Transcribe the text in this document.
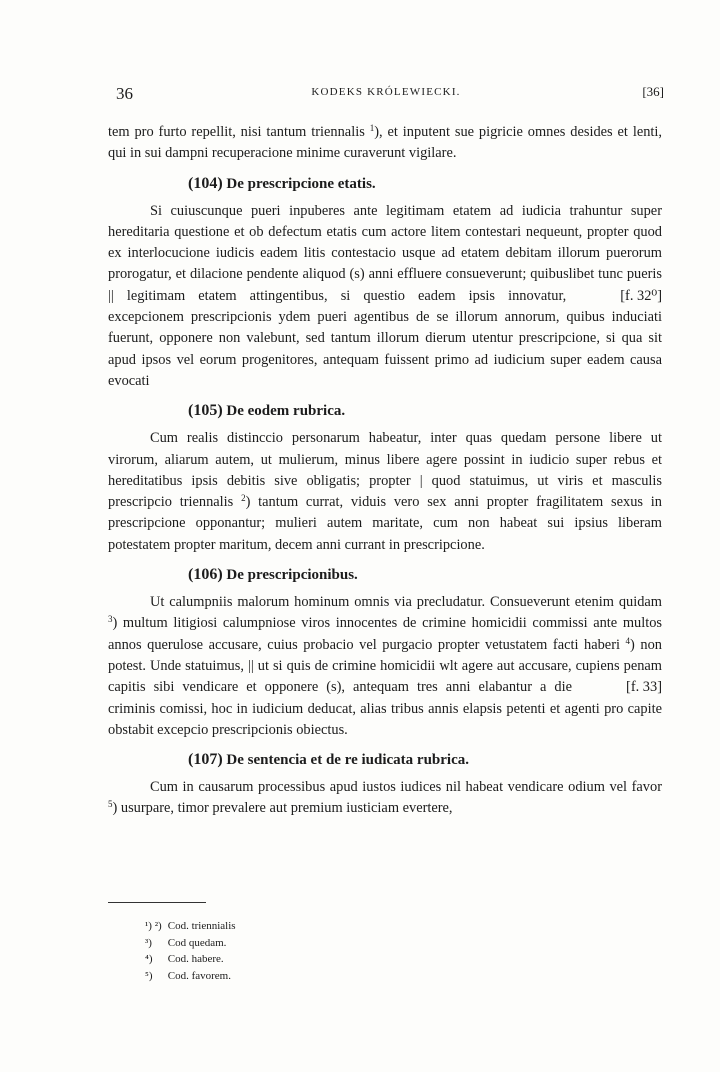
36	KODEKS KRÓLEWIECKI.	[36]

tem pro furto repellit, nisi tantum triennalis $^1$), et inputent sue pigricie omnes desides et lenti, qui in sui dampni recuperacione minime curaverunt vigilare.

(104) De prescripcione etatis.

Si cuiuscunque pueri inpuberes ante legitimam etatem ad iudicia trahuntur super hereditaria questione et ob defectum etatis cum actore litem contestari nequeunt, propter quod ex interlocucione iudicis eadem litis contestacio usque ad etatem debitam illorum puerorum prorogatur, et dilacione pendente aliquod (s) anni effluere consueverunt; quibuslibet tunc pueris || legitimam etatem attingentibus, si questio eadem ipsis innovatur,	[f. 32⁰]
excepcionem prescripcionis ydem pueri agentibus de se illorum annorum, quibus induciati fuerunt, opponere non valebunt, sed tantum illorum dierum utentur prescripcione, si qua sit apud ipsos vel eorum progenitores, antequam fuissent primo ad iudicium super eadem causa evocati

(105) De eodem rubrica.

Cum realis distinccio personarum habeatur, inter quas quedam persone libere ut virorum, aliarum autem, ut mulierum, minus libere agere possint in iudicio super rebus et hereditatibus ipsis debitis sive obligatis; propter | quod statuimus, ut viris et masculis prescripcio triennalis $^2$) tantum currat, viduis vero sex anni propter fragilitatem sexus in prescripcione opponantur; mulieri autem maritate, cum non habeat sui ipsius liberam potestatem propter maritum, decem anni currant in prescripcione.

(106) De prescripcionibus.

Ut calumpniis malorum hominum omnis via precludatur. Consueverunt etenim quidam $^3$) multum litigiosi calumpniose viros innocentes de crimine homicidii commissi ante multos annos querulose accusare, cuius probacio vel purgacio propter vetustatem facti haberi $^4$) non potest. Unde statuimus, || ut si quis de crimine homicidii wlt agere aut accusare, cupiens
[f. 33]
penam capitis sibi vendicare et opponere (s), antequam tres anni elabantur a die criminis comissi, hoc in iudicium deducat, alias tribus annis elapsis petenti et agenti pro capite obstabit excepcio prescripcionis obiectus.

(107) De sentencia et de re iudicata rubrica.

Cum in causarum processibus apud iustos iudices nil habeat vendicare odium vel favor $^5$) usurpare, timor prevalere aut premium iusticiam evertere,

¹) ²) Cod. triennialis
³) Cod quedam.
⁴) Cod. habere.
⁵) Cod. favorem.
